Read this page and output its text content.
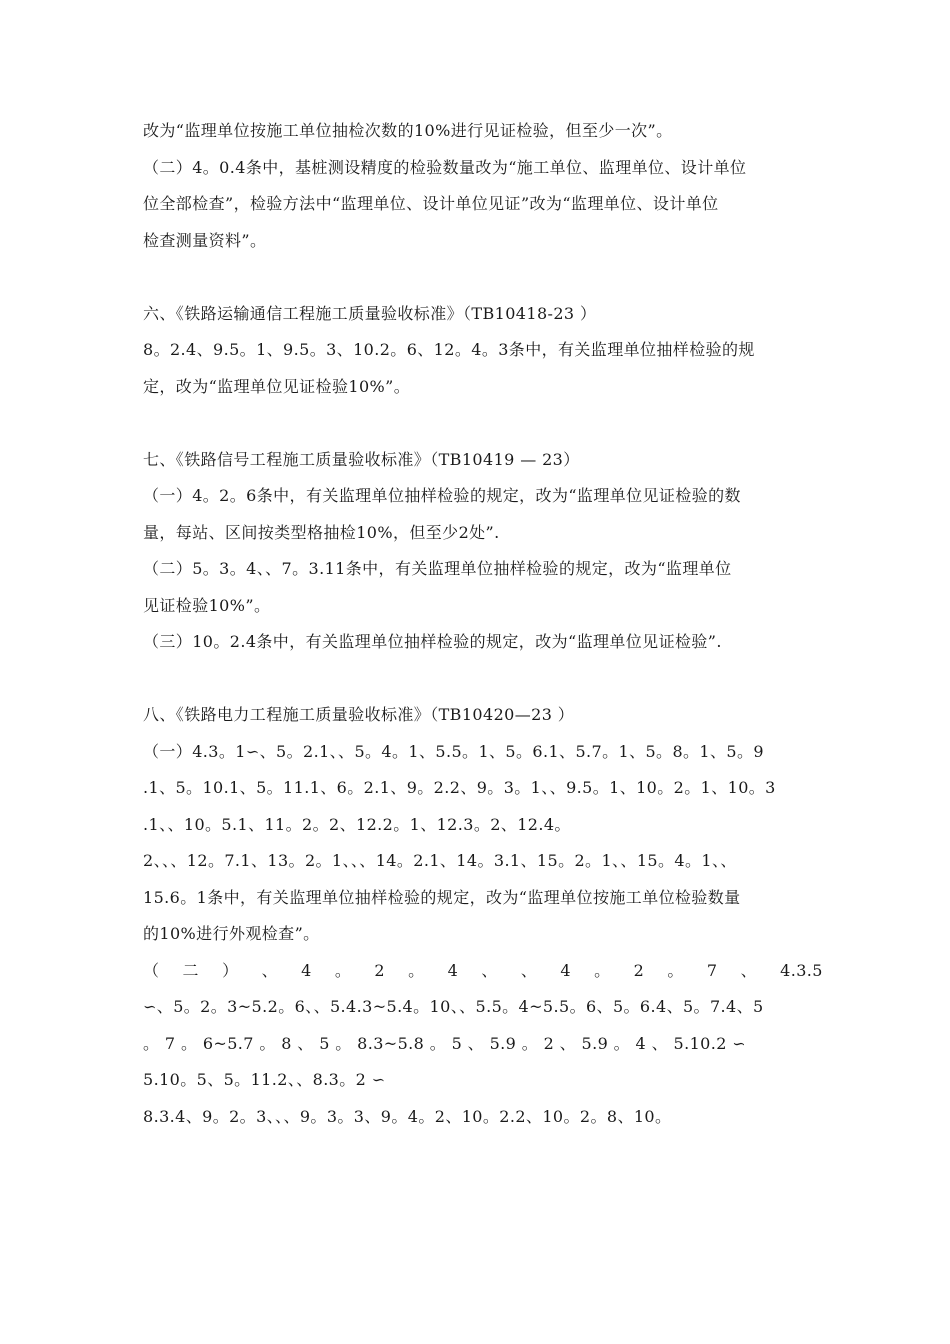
改为“监理单位按施工单位抽检次数的10%进行见证检验，但至少一次”。
（二）4。0.4条中，基桩测设精度的检验数量改为“施工单位、监理单位、设计单位
位全部检查”，检验方法中“监理单位、设计单位见证”改为“监理单位、设计单位
检查测量资料”。
六、《铁路运输通信工程施工质量验收标准》（TB10418-23 ）
8。2.4、9.5。1、9.5。3、10.2。6、12。4。3条中，有关监理单位抽样检验的规
定，改为“监理单位见证检验10%”。
七、《铁路信号工程施工质量验收标准》（TB10419 — 23）
（一）4。2。6条中，有关监理单位抽样检验的规定，改为“监理单位见证检验的数
量，每站、区间按类型格抽检10%，但至少2处”.
（二）5。3。4、、7。3.11条中，有关监理单位抽样检验的规定，改为“监理单位
见证检验10%”。
（三）10。2.4条中，有关监理单位抽样检验的规定，改为“监理单位见证检验”.
八、《铁路电力工程施工质量验收标准》（TB10420—23 ）
（一）4.3。1∽、5。2.1、、5。4。1、5.5。1、5。6.1、5.7。1、5。8。1、5。9
.1、5。10.1、5。11.1、6。2.1、9。2.2、9。3。1、、9.5。1、10。2。1、10。3
.1、、10。5.1、11。2。2、12.2。1、12.3。2、12.4。
2、、、12。7.1、13。2。1、、、14。2.1、14。3.1、15。2。1、、15。4。1、、
15.6。1条中，有关监理单位抽样检验的规定，改为“监理单位按施工单位检验数量
的10%进行外观检查”。
（ 二 ） 、 4 。 2 。 4 、 、 4 。 2 。 7 、 4.3.5
∽、5。2。3~5.2。6、、5.4.3~5.4。10、、5.5。4~5.5。6、5。6.4、5。7.4、5
。 7 。 6~5.7 。 8 、 5 。 8.3~5.8 。 5 、 5.9 。 2 、 5.9 。 4 、 5.10.2 ∽
5.10。5、5。11.2、、8.3。2 ∽
8.3.4、9。2。3、、、9。3。3、9。4。2、10。2.2、10。2。8、10。
